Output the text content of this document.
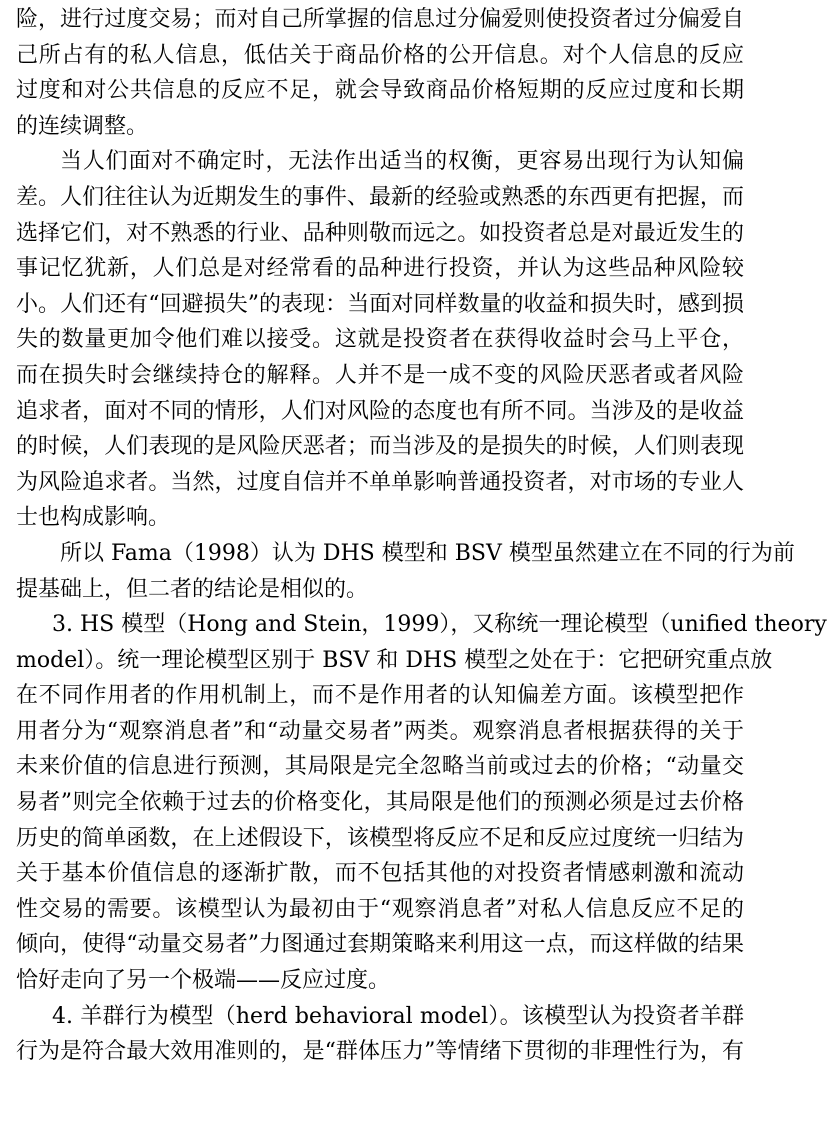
险，进行过度交易；而对自己所掌握的信息过分偏爱则使投资者过分偏爱自
己所占有的私人信息，低估关于商品价格的公开信息。对个人信息的反应
过度和对公共信息的反应不足，就会导致商品价格短期的反应过度和长期
的连续调整。
当人们面对不确定时，无法作出适当的权衡，更容易出现行为认知偏
差。人们往往认为近期发生的事件、最新的经验或熟悉的东西更有把握，而
选择它们，对不熟悉的行业、品种则敬而远之。如投资者总是对最近发生的
事记忆犹新，人们总是对经常看的品种进行投资，并认为这些品种风险较
小。人们还有“回避损失”的表现：当面对同样数量的收益和损失时，感到损
失的数量更加令他们难以接受。这就是投资者在获得收益时会马上平仓，
而在损失时会继续持仓的解释。人并不是一成不变的风险厌恶者或者风险
追求者，面对不同的情形，人们对风险的态度也有所不同。当涉及的是收益
的时候，人们表现的是风险厌恶者；而当涉及的是损失的时候，人们则表现
为风险追求者。当然，过度自信并不单单影响普通投资者，对市场的专业人
士也构成影响。
所以 Fama（1998）认为 DHS 模型和 BSV 模型虽然建立在不同的行为前
提基础上，但二者的结论是相似的。
3. HS 模型（Hong and Stein，1999），又称统一理论模型（unified theory
model）。统一理论模型区别于 BSV 和 DHS 模型之处在于：它把研究重点放
在不同作用者的作用机制上，而不是作用者的认知偏差方面。该模型把作
用者分为“观察消息者”和“动量交易者”两类。观察消息者根据获得的关于
未来价值的信息进行预测，其局限是完全忽略当前或过去的价格；“动量交
易者”则完全依赖于过去的价格变化，其局限是他们的预测必须是过去价格
历史的简单函数，在上述假设下，该模型将反应不足和反应过度统一归结为
关于基本价值信息的逐渐扩散，而不包括其他的对投资者情感刺激和流动
性交易的需要。该模型认为最初由于“观察消息者”对私人信息反应不足的
倾向，使得“动量交易者”力图通过套期策略来利用这一点，而这样做的结果
恰好走向了另一个极端——反应过度。
4. 羊群行为模型（herd behavioral model）。该模型认为投资者羊群
行为是符合最大效用准则的，是“群体压力”等情绪下贯彻的非理性行为，有
